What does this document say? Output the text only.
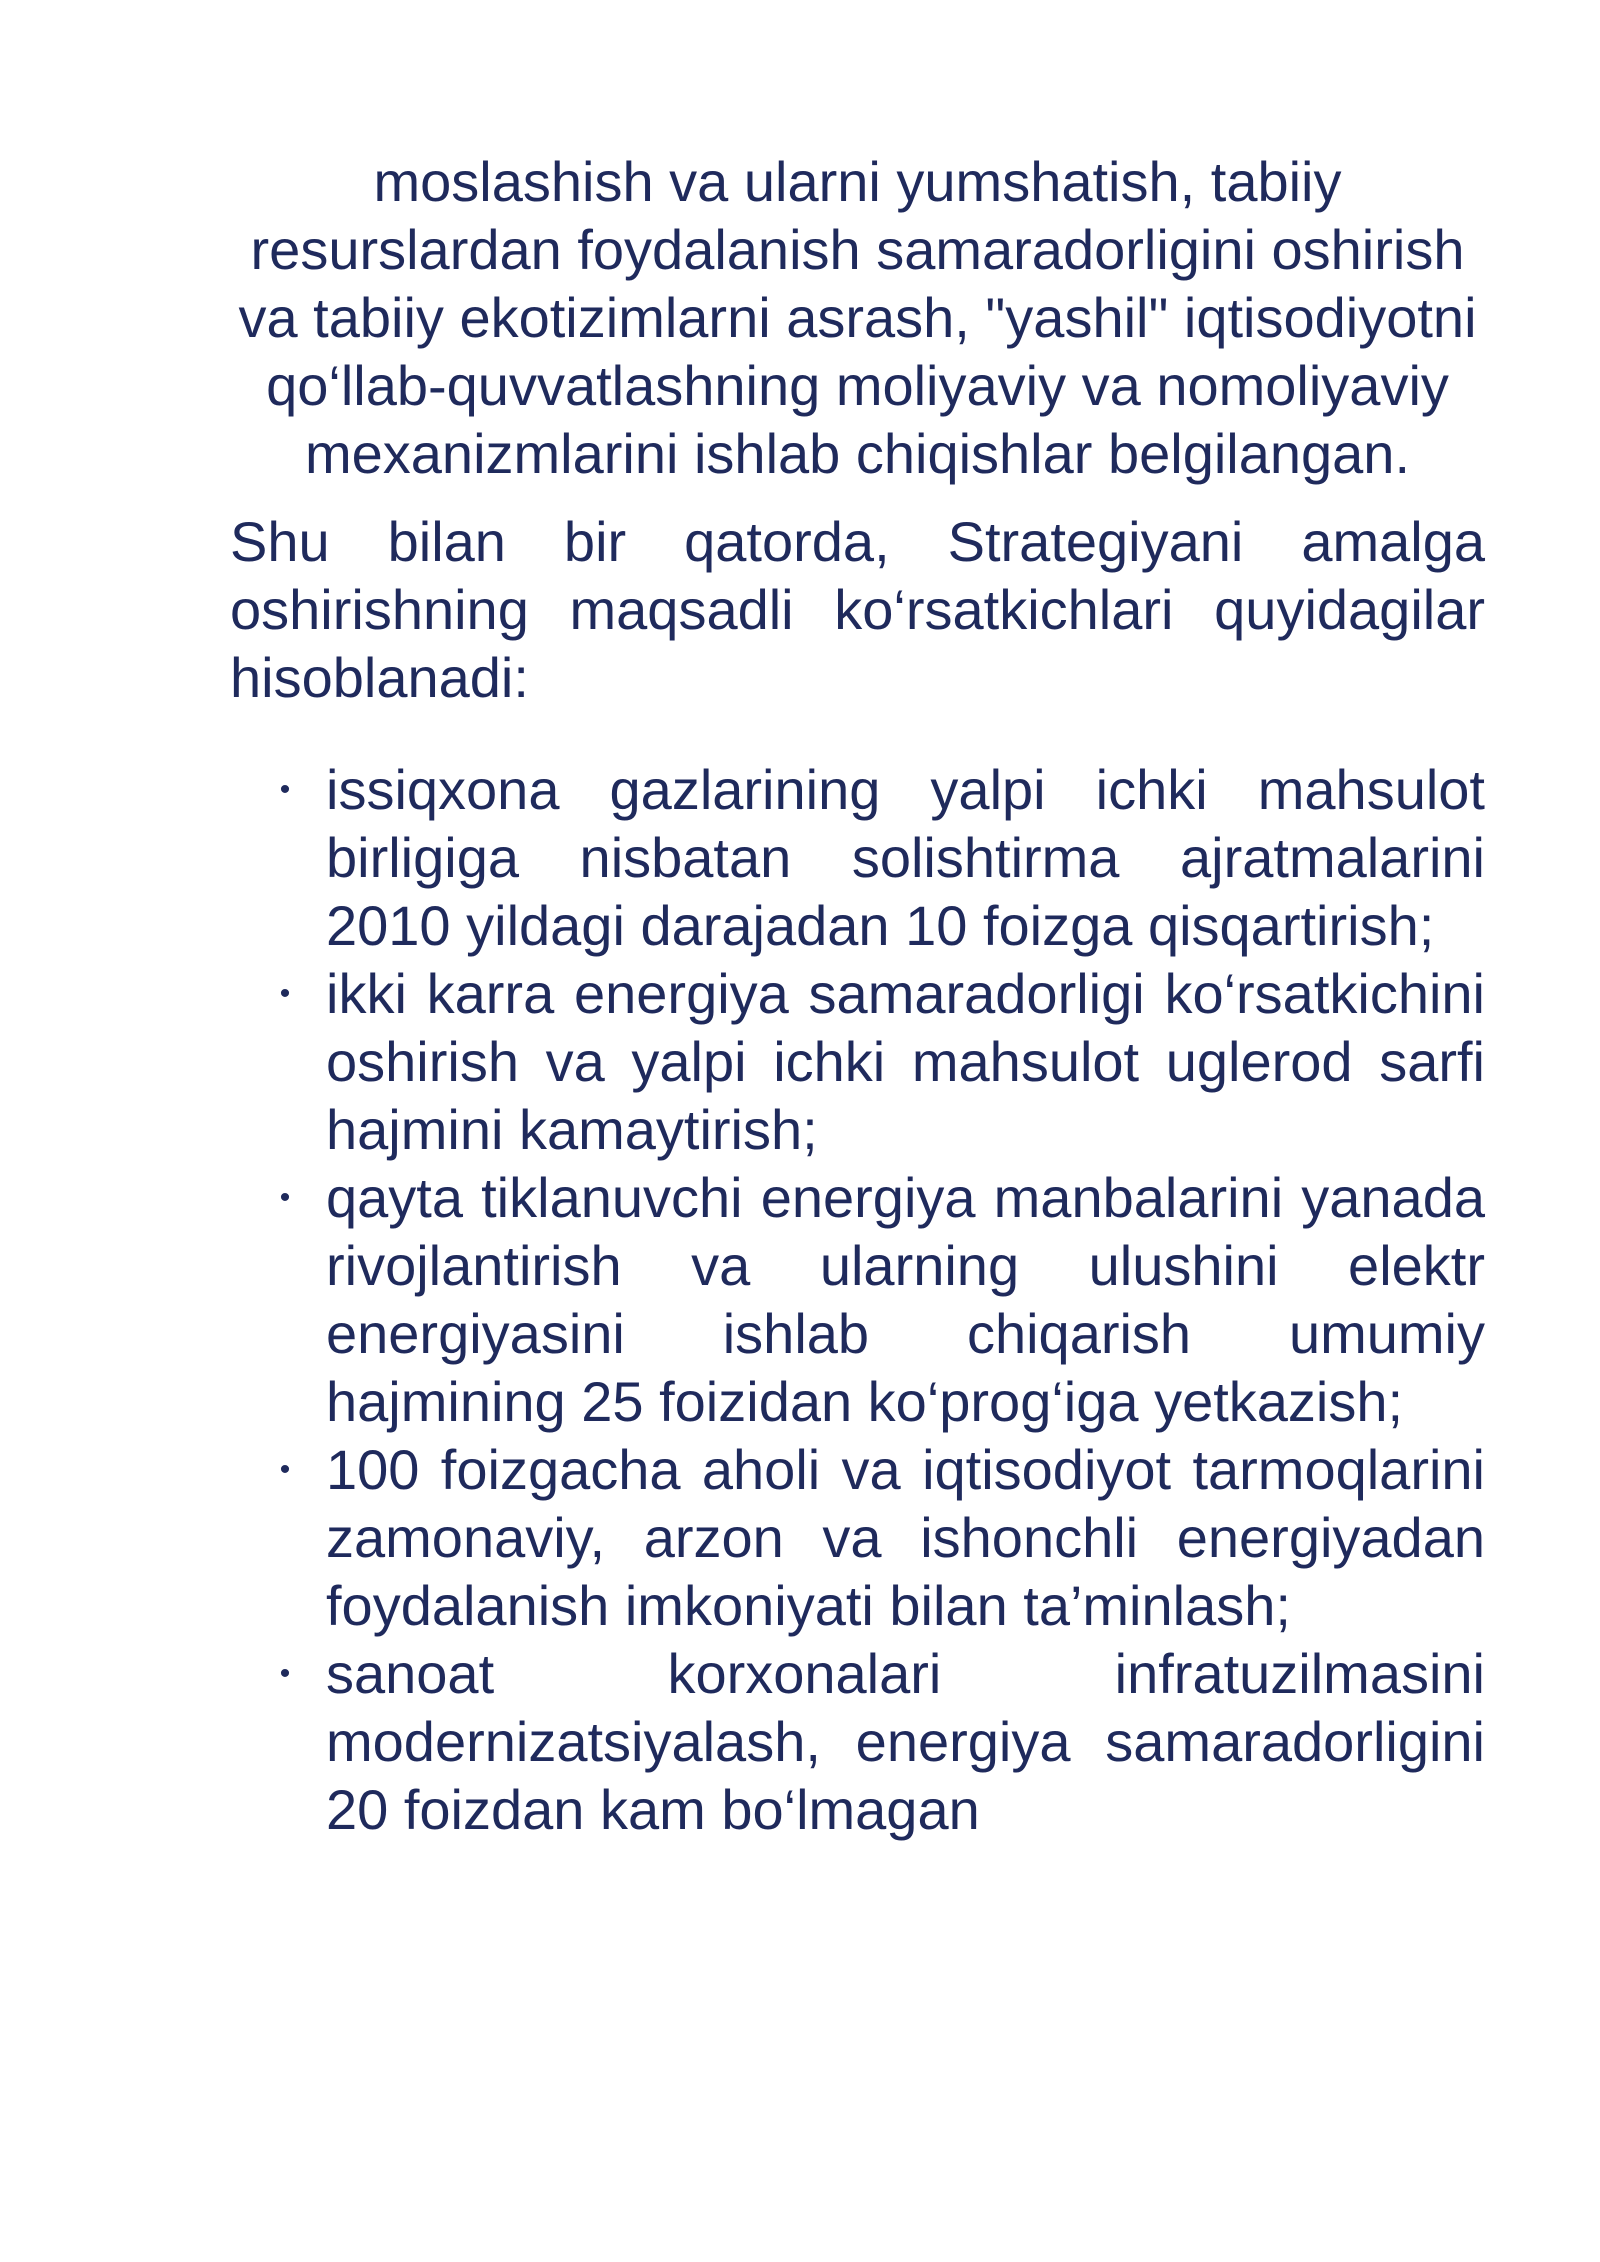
moslashish va ularni yumshatish, tabiiy resurslardan foydalanish samaradorligini oshirish va tabiiy ekotizimlarni asrash, "yashil" iqtisodiyotni qo‘llab-quvvatlashning moliyaviy va nomoliyaviy mexanizmlarini ishlab chiqishlar belgilangan.

Shu bilan bir qatorda, Strategiyani amalga oshirishning maqsadli ko‘rsatkichlari quyidagilar hisoblanadi:

• issiqxona gazlarining yalpi ichki mahsulot birligiga nisbatan solishtirma ajratmalarini 2010 yildagi darajadan 10 foizga qisqartirish;
• ikki karra energiya samaradorligi ko‘rsatkichini oshirish va yalpi ichki mahsulot uglerod sarfi hajmini kamaytirish;
• qayta tiklanuvchi energiya manbalarini yanada rivojlantirish va ularning ulushini elektr energiyasini ishlab chiqarish umumiy hajmining 25 foizidan ko‘prog‘iga yetkazish;
• 100 foizgacha aholi va iqtisodiyot tarmoqlarini zamonaviy, arzon va ishonchli energiyadan foydalanish imkoniyati bilan ta’minlash;
• sanoat korxonalari infratuzilmasini modernizatsiyalash, energiya samaradorligini 20 foizdan kam bo‘lmagan
